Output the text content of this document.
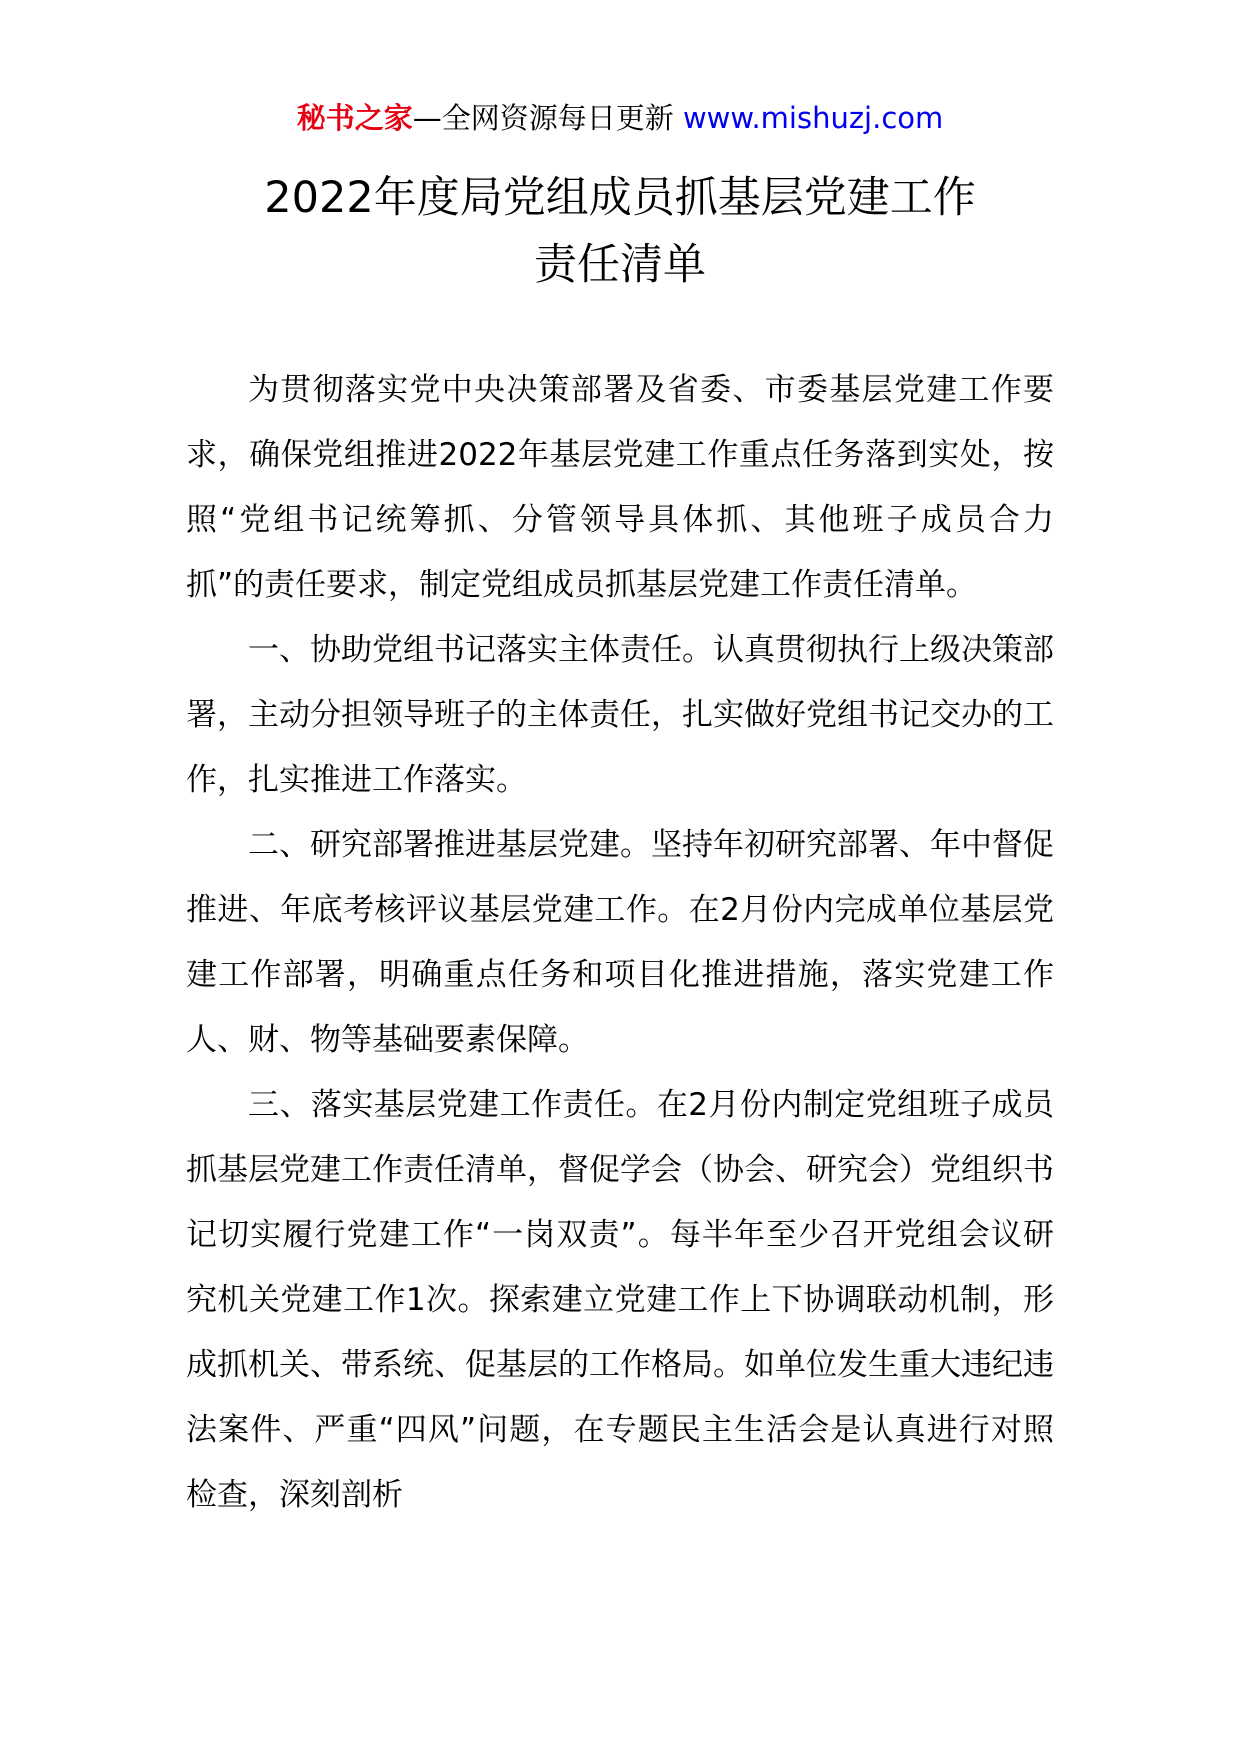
秘书之家—全网资源每日更新 www.mishuzj.com
2022年度局党组成员抓基层党建工作
责任清单

为贯彻落实党中央决策部署及省委、市委基层党建工作要求，确保党组推进2022年基层党建工作重点任务落到实处，按照“党组书记统筹抓、分管领导具体抓、其他班子成员合力抓”的责任要求，制定党组成员抓基层党建工作责任清单。

一、协助党组书记落实主体责任。认真贯彻执行上级决策部署，主动分担领导班子的主体责任，扎实做好党组书记交办的工作，扎实推进工作落实。

二、研究部署推进基层党建。坚持年初研究部署、年中督促推进、年底考核评议基层党建工作。在2月份内完成单位基层党建工作部署，明确重点任务和项目化推进措施，落实党建工作人、财、物等基础要素保障。

三、落实基层党建工作责任。在2月份内制定党组班子成员抓基层党建工作责任清单，督促学会（协会、研究会）党组织书记切实履行党建工作“一岗双责”。每半年至少召开党组会议研究机关党建工作1次。探索建立党建工作上下协调联动机制，形成抓机关、带系统、促基层的工作格局。如单位发生重大违纪违法案件、严重“四风”问题，在专题民主生活会是认真进行对照检查，深刻剖析
